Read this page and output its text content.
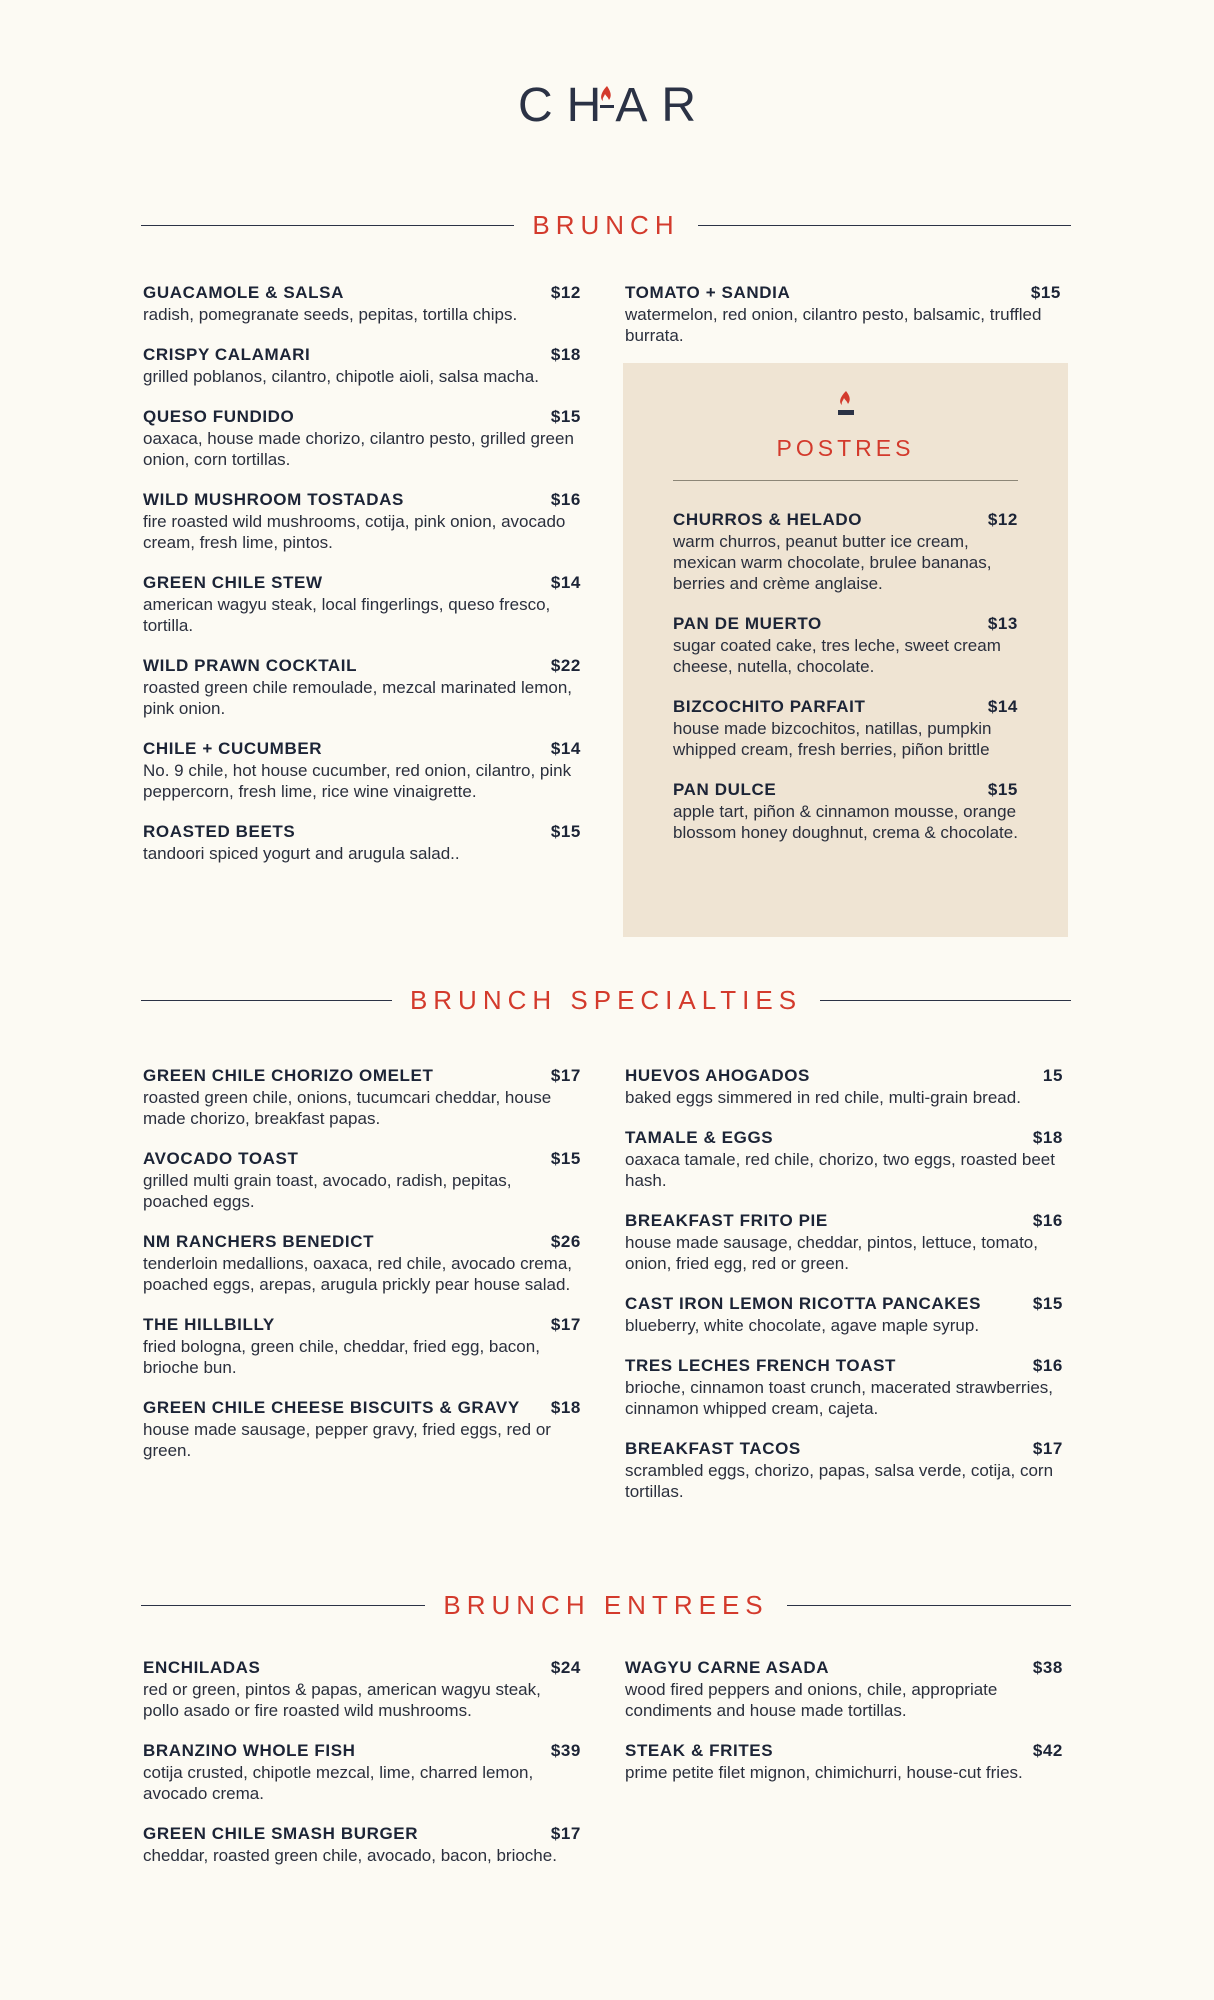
CHAR
BRUNCH
GUACAMOLE & SALSA	$12
radish, pomegranate seeds, pepitas, tortilla chips.
CRISPY CALAMARI	$18
grilled poblanos, cilantro, chipotle aioli, salsa macha.
QUESO FUNDIDO	$15
oaxaca, house made chorizo, cilantro pesto, grilled green onion, corn tortillas.
WILD MUSHROOM TOSTADAS	$16
fire roasted wild mushrooms, cotija, pink onion, avocado cream, fresh lime, pintos.
GREEN CHILE STEW	$14
american wagyu steak, local fingerlings, queso fresco, tortilla.
WILD PRAWN COCKTAIL	$22
roasted green chile remoulade, mezcal marinated lemon, pink onion.
CHILE + CUCUMBER	$14
No. 9 chile, hot house cucumber, red onion, cilantro, pink peppercorn, fresh lime, rice wine vinaigrette.
ROASTED BEETS	$15
tandoori spiced yogurt and arugula salad..
TOMATO + SANDIA	$15
watermelon, red onion, cilantro pesto, balsamic, truffled burrata.
POSTRES
CHURROS & HELADO	$12
warm churros, peanut butter ice cream, mexican warm chocolate, brulee bananas, berries and crème anglaise.
PAN DE MUERTO	$13
sugar coated cake, tres leche, sweet cream cheese, nutella, chocolate.
BIZCOCHITO PARFAIT	$14
house made bizcochitos, natillas, pumpkin whipped cream, fresh berries, piñon brittle
PAN DULCE	$15
apple tart, piñon & cinnamon mousse, orange blossom honey doughnut, crema & chocolate.
BRUNCH SPECIALTIES
GREEN CHILE CHORIZO OMELET	$17
roasted green chile, onions, tucumcari cheddar, house made chorizo, breakfast papas.
AVOCADO TOAST	$15
grilled multi grain toast, avocado, radish, pepitas, poached eggs.
NM RANCHERS BENEDICT	$26
tenderloin medallions, oaxaca, red chile, avocado crema, poached eggs, arepas, arugula prickly pear house salad.
THE HILLBILLY	$17
fried bologna, green chile, cheddar, fried egg, bacon, brioche bun.
GREEN CHILE CHEESE BISCUITS & GRAVY $18
house made sausage, pepper gravy, fried eggs, red or green.
HUEVOS AHOGADOS	15
baked eggs simmered in red chile, multi-grain bread.
TAMALE & EGGS	$18
oaxaca tamale, red chile, chorizo, two eggs, roasted beet hash.
BREAKFAST FRITO PIE	$16
house made sausage, cheddar, pintos, lettuce, tomato, onion, fried egg, red or green.
CAST IRON LEMON RICOTTA PANCAKES	$15
blueberry, white chocolate, agave maple syrup.
TRES LECHES FRENCH TOAST	$16
brioche, cinnamon toast crunch, macerated strawberries, cinnamon whipped cream, cajeta.
BREAKFAST TACOS	$17
scrambled eggs, chorizo, papas, salsa verde, cotija, corn tortillas.
BRUNCH ENTREES
ENCHILADAS	$24
red or green, pintos & papas, american wagyu steak, pollo asado or fire roasted wild mushrooms.
BRANZINO WHOLE FISH	$39
cotija crusted, chipotle mezcal, lime, charred lemon, avocado crema.
GREEN CHILE SMASH BURGER	$17
cheddar, roasted green chile, avocado, bacon, brioche.
WAGYU CARNE ASADA	$38
wood fired peppers and onions, chile, appropriate condiments and house made tortillas.
STEAK & FRITES	$42
prime petite filet mignon, chimichurri, house-cut fries.
